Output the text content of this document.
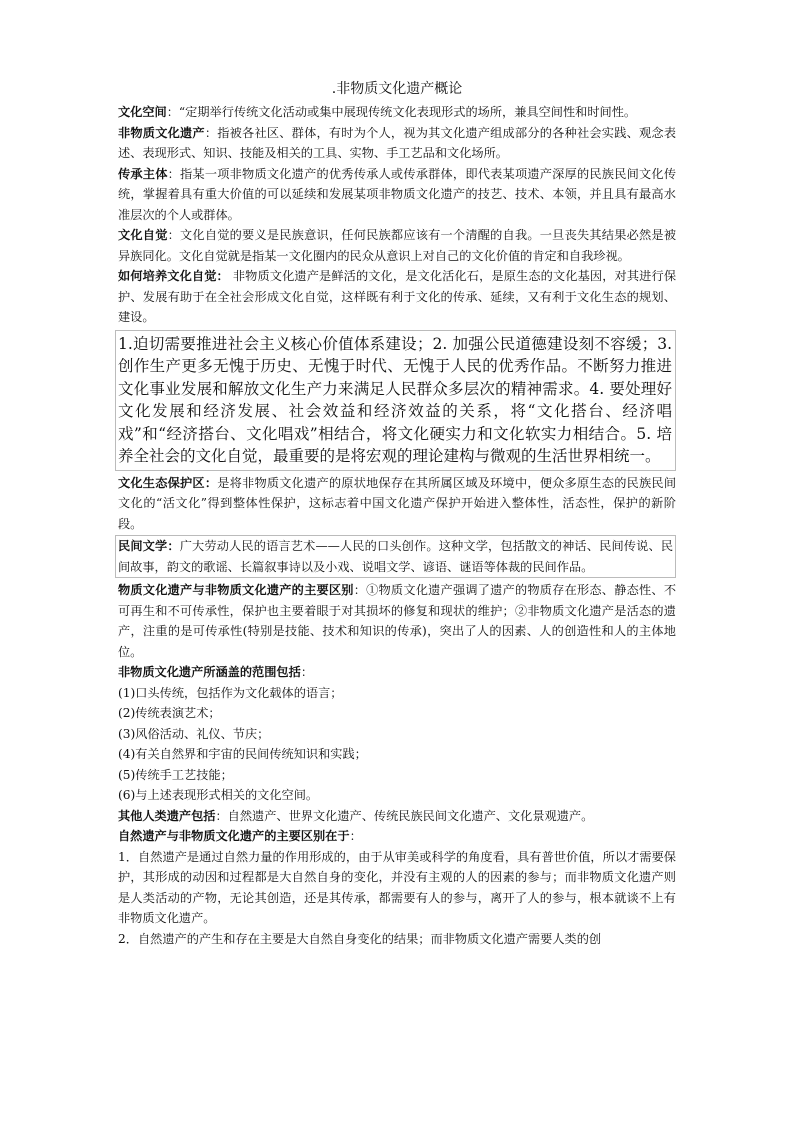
.非物质文化遗产概论

文化空间：“定期举行传统文化活动或集中展现传统文化表现形式的场所，兼具空间性和时间性。

非物质文化遗产：指被各社区、群体，有时为个人，视为其文化遗产组成部分的各种社会实践、观念表述、表现形式、知识、技能及相关的工具、实物、手工艺品和文化场所。

传承主体：指某一项非物质文化遗产的优秀传承人或传承群体，即代表某项遗产深厚的民族民间文化传统，掌握着具有重大价值的可以延续和发展某项非物质文化遗产的技艺、技术、本领，并且具有最高水准层次的个人或群体。

文化自觉：文化自觉的要义是民族意识，任何民族都应该有一个清醒的自我。一旦丧失其结果必然是被异族同化。文化自觉就是指某一文化圈内的民众从意识上对自己的文化价值的肯定和自我珍视。

如何培养文化自觉： 非物质文化遗产是鲜活的文化，是文化活化石，是原生态的文化基因，对其进行保护、发展有助于在全社会形成文化自觉，这样既有利于文化的传承、延续，又有利于文化生态的规划、建设。

1.迫切需要推进社会主义核心价值体系建设；2. 加强公民道德建设刻不容缓；3. 创作生产更多无愧于历史、无愧于时代、无愧于人民的优秀作品。不断努力推进文化事业发展和解放文化生产力来满足人民群众多层次的精神需求。4. 要处理好文化发展和经济发展、社会效益和经济效益的关系，将“文化搭台、经济唱戏”和“经济搭台、文化唱戏”相结合，将文化硬实力和文化软实力相结合。5. 培养全社会的文化自觉，最重要的是将宏观的理论建构与微观的生活世界相统一。

文化生态保护区：是将非物质文化遗产的原状地保存在其所属区域及环境中，便众多原生态的民族民间文化的“活文化”得到整体性保护，这标志着中国文化遗产保护开始进入整体性，活态性，保护的新阶段。

民间文学：广大劳动人民的语言艺术——人民的口头创作。这种文学，包括散文的神话、民间传说、民间故事，韵文的歌谣、长篇叙事诗以及小戏、说唱文学、谚语、谜语等体裁的民间作品。

物质文化遗产与非物质文化遗产的主要区别：①物质文化遗产强调了遗产的物质存在形态、静态性、不可再生和不可传承性，保护也主要着眼于对其损坏的修复和现状的维护；②非物质文化遗产是活态的遗产，注重的是可传承性(特别是技能、技术和知识的传承)，突出了人的因素、人的创造性和人的主体地位。

非物质文化遗产所涵盖的范围包括：

(1)口头传统，包括作为文化载体的语言；

(2)传统表演艺术；

(3)风俗活动、礼仪、节庆；

(4)有关自然界和宇宙的民间传统知识和实践；

(5)传统手工艺技能；

(6)与上述表现形式相关的文化空间。

其他人类遗产包括：自然遗产、世界文化遗产、传统民族民间文化遗产、文化景观遗产。

自然遗产与非物质文化遗产的主要区别在于：

1．自然遗产是通过自然力量的作用形成的，由于从审美或科学的角度看，具有普世价值，所以才需要保护，其形成的动因和过程都是大自然自身的变化，并没有主观的人的因素的参与；而非物质文化遗产则是人类活动的产物，无论其创造，还是其传承，都需要有人的参与，离开了人的参与，根本就谈不上有非物质文化遗产。

2．自然遗产的产生和存在主要是大自然自身变化的结果；而非物质文化遗产需要人类的创
